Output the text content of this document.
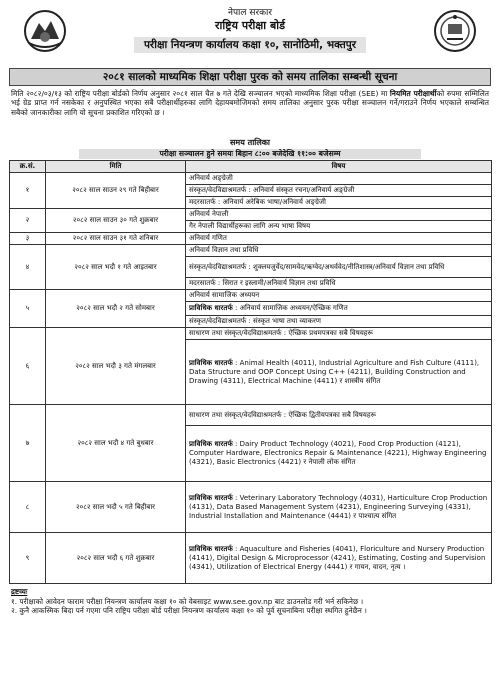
नेपाल सरकार
राष्ट्रिय परीक्षा बोर्ड
परीक्षा नियन्त्रण कार्यालय कक्षा १०, सानोठिमी, भक्तपुर
२०८१ सालको माध्यमिक शिक्षा परीक्षा पुरक को समय तालिका सम्बन्धी सूचना

मिति २०८२/०३/१३ को राष्ट्रिय परीक्षा बोर्डको निर्णय अनुसार २०८१ साल चैत ७ गते देखि सञ्चालन भएको माध्यमिक शिक्षा परीक्षा (SEE) मा नियमित परीक्षार्थीको रुपमा सम्मिलित भई ग्रेड प्राप्त गर्न नसकेका र अनुपस्थित भएका सबै परीक्षार्थीहरुका लागि देहायबमोजिमको समय तालिका अनुसार पुरक परीक्षा सञ्चालन गर्ने/गराउने निर्णय भएकाले सम्बन्धित सबैको जानकारीका लागि यो सूचना प्रकाशित गरिएको छ ।

समय तालिका
परीक्षा सञ्चालन हुने समयः बिहान ८:०० बजेदेखि ११:०० बजेसम्म
क्र.सं.	मिति	विषय
१	२०८२ साल साउन २९ गते बिहीबार	अनिवार्य अङ्ग्रेजी
		संस्कृत/वेदविद्याश्रमतर्फ : अनिवार्य संस्कृत रचना/अनिवार्य अङ्ग्रेजी
		मदरसातर्फ : अनिवार्य अरेबिक भाषा/अनिवार्य अङ्ग्रेजी
२	२०८२ साल साउन ३० गते शुक्रबार	अनिवार्य नेपाली
		गैर नेपाली विद्यार्थीहरूका लागि अन्य भाषा विषय
३	२०८२ साल साउन ३१ गते शनिबार	अनिवार्य गणित
४	२०८२ साल भदौ १ गते आइतबार	अनिवार्य विज्ञान तथा प्रविधि
		संस्कृत/वेदविद्याश्रमतर्फ : शुक्लयजुर्वेद/सामवेद/ऋग्वेद/अथर्ववेद/नीतिशास्त्र/अनिवार्य विज्ञान तथा प्रविधि
		मदरसातर्फ : सिरात र इस्लामी/अनिवार्य विज्ञान तथा प्रविधि
५	२०८२ साल भदौ २ गते सोमबार	अनिवार्य सामाजिक अध्ययन
		प्राविधिक धारतर्फ : अनिवार्य सामाजिक अध्ययन/ऐच्छिक गणित
		संस्कृत/वेदविद्याश्रमतर्फ : संस्कृत भाषा तथा व्याकरण
६	२०८२ साल भदौ ३ गते मंगलबार	साधारण तथा संस्कृत/वेदविद्याश्रमतर्फ : ऐच्छिक प्रथमपत्रका सबै विषयहरू
		प्राविधिक धारतर्फ : Animal Health (4011), Industrial Agriculture and Fish Culture (4111), Data Structure and OOP Concept Using C++ (4211), Building Construction and Drawing (4311), Electrical Machine (4411) र शास्त्रीय संगित
७	२०८२ साल भदौ ४ गते बुधबार	साधारण तथा संस्कृत/वेदविद्याश्रमतर्फ : ऐच्छिक द्वितीयपत्रका सबै विषयहरू
		प्राविधिक धारतर्फ : Dairy Product Technology (4021), Food Crop Production (4121), Computer Hardware, Electronics Repair & Maintenance (4221), Highway Engineering (4321), Basic Electronics (4421) र नेपाली लोक संगित
८	२०८२ साल भदौ ५ गते बिहीबार	प्राविधिक धारतर्फ : Veterinary Laboratory Technology (4031), Harticulture Crop Production (4131), Data Based Management System (4231), Engineering Surveying (4331), Industrial Installation and Maintenance (4441) र पाश्चात्य संगित
९	२०८२ साल भदौ ६ गते शुक्रबार	प्राविधिक धारतर्फ : Aquaculture and Fisheries (4041), Floriculture and Nursery Production (4141), Digital Design & Microprocessor (4241), Estimating, Costing and Supervision (4341), Utilization of Electrical Energy (4441) र गायन, वादन, नृत्य ।
द्रष्टव्यः
१. परीक्षाको आवेदन फाराम परीक्षा नियन्त्रण कार्यालय कक्षा १० को वेबसाइट www.see.gov.np बाट डाउनलोड गरी भर्न सकिनेछ ।
२. कुनै आकस्मिक बिदा पर्न गएमा पनि राष्ट्रिय परीक्षा बोर्ड परीक्षा नियन्त्रण कार्यालय कक्षा १० को पूर्व सूचनाबिना परीक्षा स्थगित हुनेछैन ।
